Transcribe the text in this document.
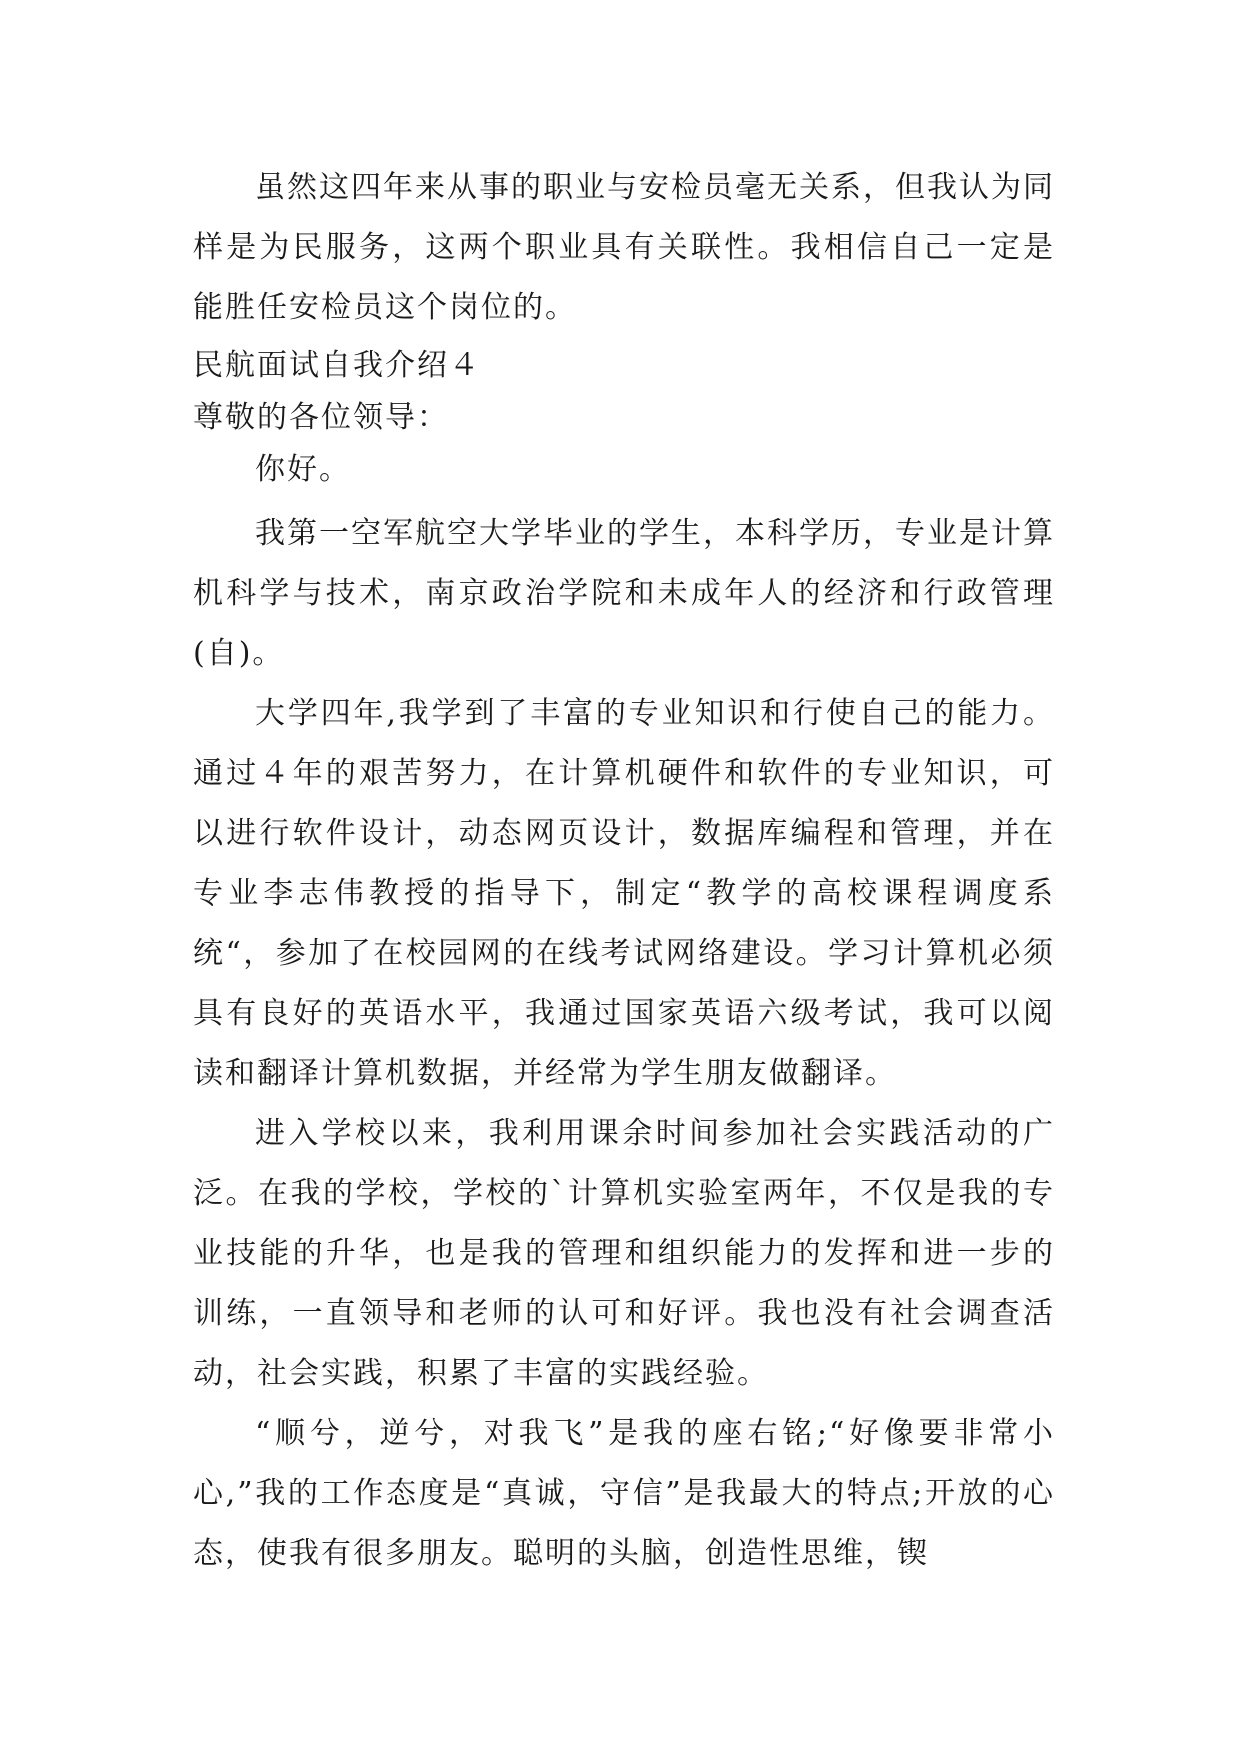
虽然这四年来从事的职业与安检员毫无关系，但我认为同样是为民服务，这两个职业具有关联性。我相信自己一定是能胜任安检员这个岗位的。

民航面试自我介绍４

尊敬的各位领导：

你好。

我第一空军航空大学毕业的学生，本科学历，专业是计算机科学与技术，南京政治学院和未成年人的经济和行政管理(自)。

大学四年,我学到了丰富的专业知识和行使自己的能力。通过４年的艰苦努力，在计算机硬件和软件的专业知识，可以进行软件设计，动态网页设计，数据库编程和管理，并在专业李志伟教授的指导下，制定“教学的高校课程调度系统“，参加了在校园网的在线考试网络建设。学习计算机必须具有良好的英语水平，我通过国家英语六级考试，我可以阅读和翻译计算机数据，并经常为学生朋友做翻译。

进入学校以来，我利用课余时间参加社会实践活动的广泛。在我的学校，学校的`计算机实验室两年，不仅是我的专业技能的升华，也是我的管理和组织能力的发挥和进一步的训练，一直领导和老师的认可和好评。我也没有社会调查活动，社会实践，积累了丰富的实践经验。

“顺兮，逆兮，对我飞”是我的座右铭;“好像要非常小心,”我的工作态度是“真诚，守信”是我最大的特点;开放的心态，使我有很多朋友。聪明的头脑，创造性思维，锲
